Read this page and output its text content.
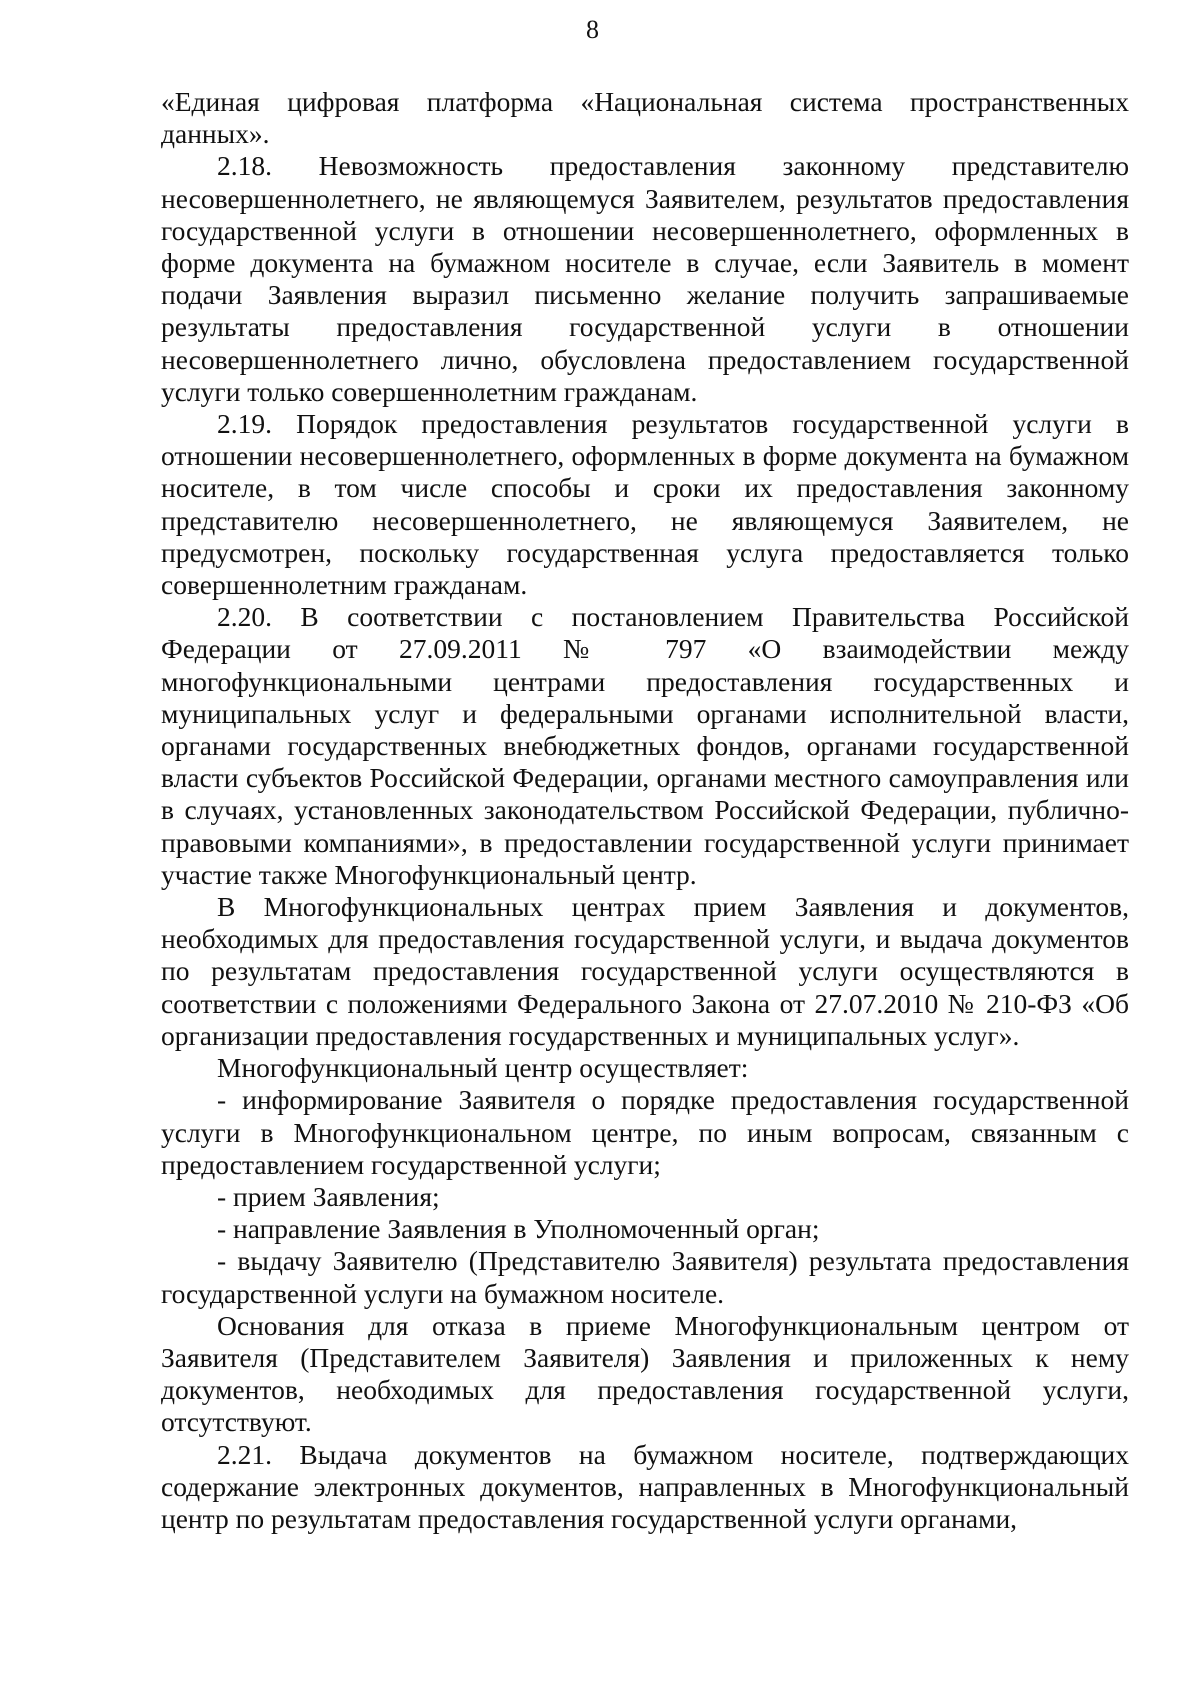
8

«Единая цифровая платформа «Национальная система пространственных данных».

2.18. Невозможность предоставления законному представителю несовершеннолетнего, не являющемуся Заявителем, результатов предоставления государственной услуги в отношении несовершеннолетнего, оформленных в форме документа на бумажном носителе в случае, если Заявитель в момент подачи Заявления выразил письменно желание получить запрашиваемые результаты предоставления государственной услуги в отношении несовершеннолетнего лично, обусловлена предоставлением государственной услуги только совершеннолетним гражданам.

2.19. Порядок предоставления результатов государственной услуги в отношении несовершеннолетнего, оформленных в форме документа на бумажном носителе, в том числе способы и сроки их предоставления законному представителю несовершеннолетнего, не являющемуся Заявителем, не предусмотрен, поскольку государственная услуга предоставляется только совершеннолетним гражданам.

2.20. В соответствии с постановлением Правительства Российской Федерации от 27.09.2011 № 797 «О взаимодействии между многофункциональными центрами предоставления государственных и муниципальных услуг и федеральными органами исполнительной власти, органами государственных внебюджетных фондов, органами государственной власти субъектов Российской Федерации, органами местного самоуправления или в случаях, установленных законодательством Российской Федерации, публично-правовыми компаниями», в предоставлении государственной услуги принимает участие также Многофункциональный центр.

В Многофункциональных центрах прием Заявления и документов, необходимых для предоставления государственной услуги, и выдача документов по результатам предоставления государственной услуги осуществляются в соответствии с положениями Федерального Закона от 27.07.2010 № 210-ФЗ «Об организации предоставления государственных и муниципальных услуг».

Многофункциональный центр осуществляет:

- информирование Заявителя о порядке предоставления государственной услуги в Многофункциональном центре, по иным вопросам, связанным с предоставлением государственной услуги;

- прием Заявления;

- направление Заявления в Уполномоченный орган;

- выдачу Заявителю (Представителю Заявителя) результата предоставления государственной услуги на бумажном носителе.

Основания для отказа в приеме Многофункциональным центром от Заявителя (Представителем Заявителя) Заявления и приложенных к нему документов, необходимых для предоставления государственной услуги, отсутствуют.

2.21. Выдача документов на бумажном носителе, подтверждающих содержание электронных документов, направленных в Многофункциональный центр по результатам предоставления государственной услуги органами,
